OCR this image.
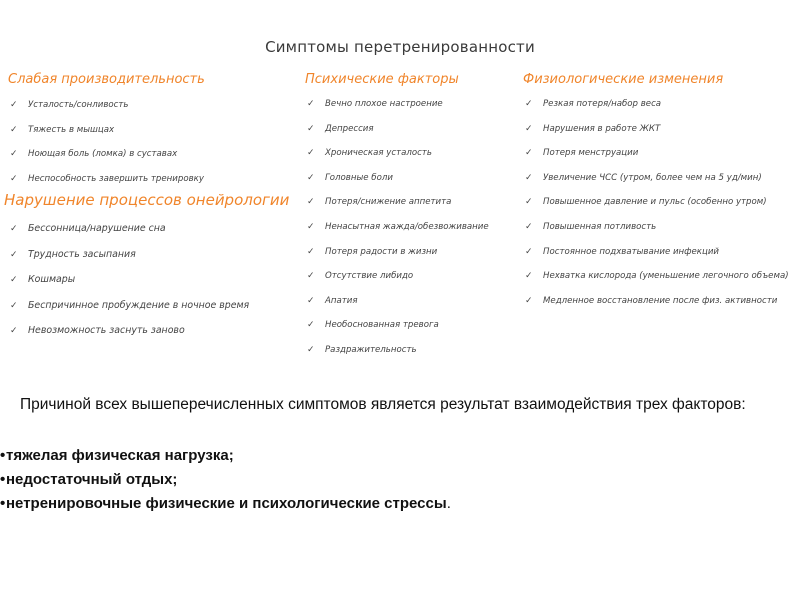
Симптомы перетренированности
Слабая производительность
✓ Усталость/сонливость
✓ Тяжесть в мышцах
✓ Ноющая боль (ломка) в суставах
✓ Неспособность завершить тренировку
Нарушение процессов онейрологии
✓ Бессонница/нарушение сна
✓ Трудность засыпания
✓ Кошмары
✓ Беспричинное пробуждение в ночное время
✓ Невозможность заснуть заново
Психические факторы
✓ Вечно плохое настроение
✓ Депрессия
✓ Хроническая усталость
✓ Головные боли
✓ Потеря/снижение аппетита
✓ Ненасытная жажда/обезвоживание
✓ Потеря радости в жизни
✓ Отсутствие либидо
✓ Апатия
✓ Необоснованная тревога
✓ Раздражительность
Физиологические изменения
✓ Резкая потеря/набор веса
✓ Нарушения в работе ЖКТ
✓ Потеря менструации
✓ Увеличение ЧСС (утром, более чем на 5 уд/мин)
✓ Повышенное давление и пульс (особенно утром)
✓ Повышенная потливость
✓ Постоянное подхватывание инфекций
✓ Нехватка кислорода (уменьшение легочного объема)
✓ Медленное восстановление после физ. активности
Причиной всех вышеперечисленных симптомов является результат взаимодействия трех факторов:
•тяжелая физическая нагрузка;
•недостаточный отдых;
•нетренировочные физические и психологические стрессы.
